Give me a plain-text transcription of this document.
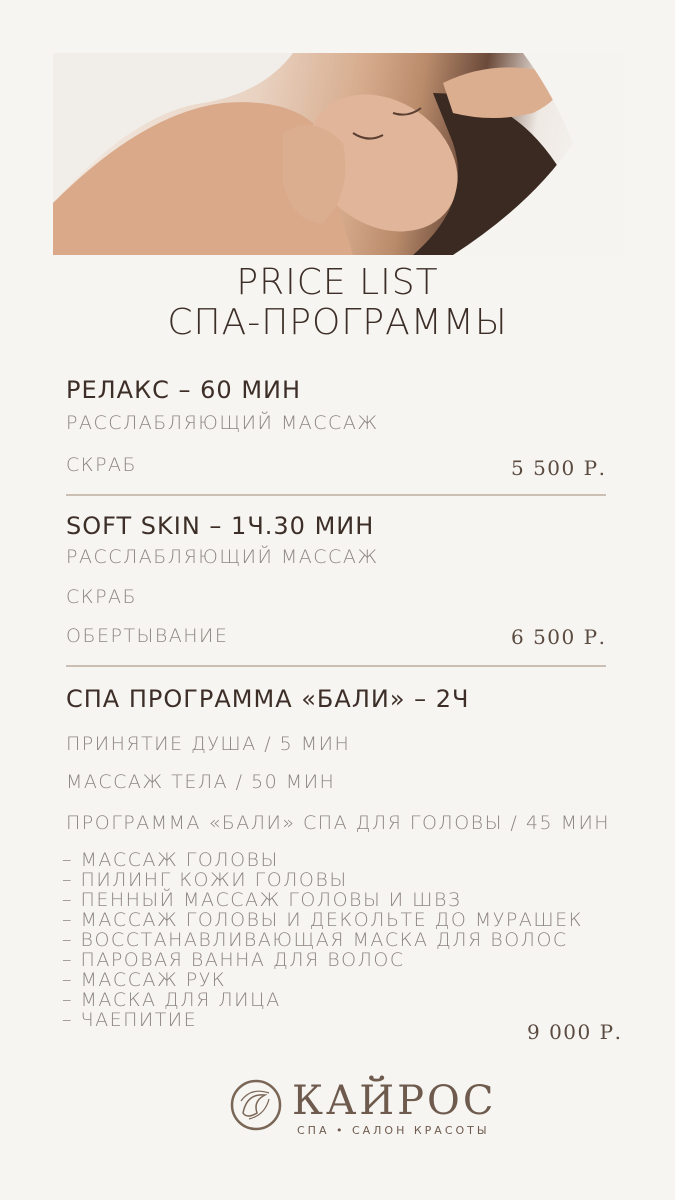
PRICE LIST
СПА-ПРОГРАММЫ
РЕЛАКС – 60 МИН
РАССЛАБЛЯЮЩИЙ МАССАЖ
СКРАБ	5 500 Р.
SOFT SKIN – 1Ч.30 МИН
РАССЛАБЛЯЮЩИЙ МАССАЖ
СКРАБ
ОБЕРТЫВАНИЕ	6 500 Р.
СПА ПРОГРАММА «БАЛИ» – 2Ч
ПРИНЯТИЕ ДУША / 5 МИН
МАССАЖ ТЕЛА / 50 МИН
ПРОГРАММА «БАЛИ» СПА ДЛЯ ГОЛОВЫ / 45 МИН
– МАССАЖ ГОЛОВЫ
– ПИЛИНГ КОЖИ ГОЛОВЫ
– ПЕННЫЙ МАССАЖ ГОЛОВЫ И ШВЗ
– МАССАЖ ГОЛОВЫ И ДЕКОЛЬТЕ ДО МУРАШЕК
– ВОССТАНАВЛИВАЮЩАЯ МАСКА ДЛЯ ВОЛОС
– ПАРОВАЯ ВАННА ДЛЯ ВОЛОС
– МАССАЖ РУК
– МАСКА ДЛЯ ЛИЦА
– ЧАЕПИТИЕ	9 000 Р.
КАЙРОС
СПА • САЛОН КРАСОТЫ
